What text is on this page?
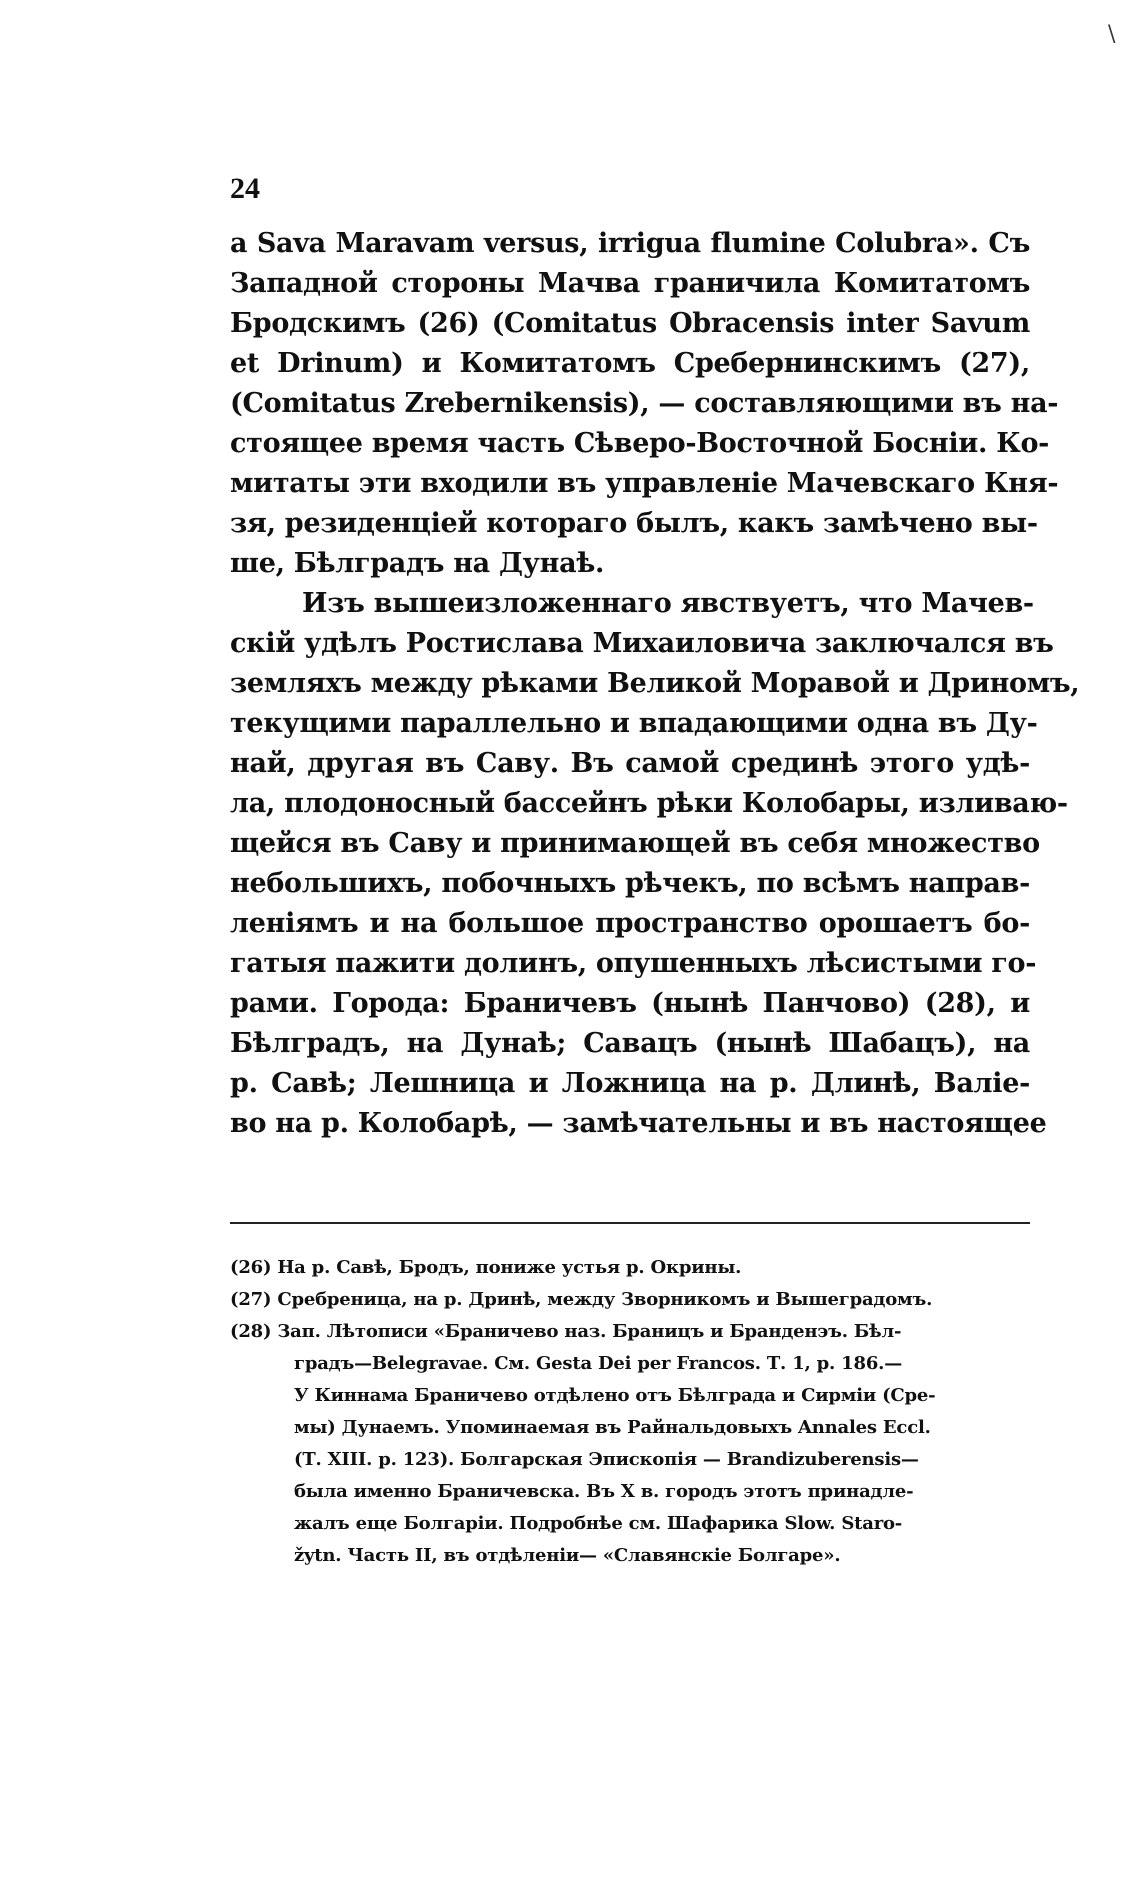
\
24
a Sava Maravam versus, irrigua flumine Colubra». Съ
Западной стороны Мачва граничила Комитатомъ
Бродскимъ (26) (Comitatus Obracensis inter Savum
et Drinum) и Комитатомъ Сребернинскимъ (27),
(Comitatus Zrebernikensis), — составляющими въ на-
стоящее время часть Сѣверо-Восточной Босніи. Ко-
митаты эти входили въ управленіе Мачевскаго Кня-
зя, резиденціей котораго былъ, какъ замѣчено вы-
ше, Бѣлградъ на Дунаѣ.
Изъ вышеизложеннаго явствуетъ, что Мачев-
скій удѣлъ Ростислава Михаиловича заключался въ
земляхъ между рѣками Великой Моравой и Дриномъ,
текущими параллельно и впадающими одна въ Ду-
най, другая въ Саву. Въ самой срединѣ этого удѣ-
ла, плодоносный бассейнъ рѣки Колобары, изливаю-
щейся въ Саву и принимающей въ себя множество
небольшихъ, побочныхъ рѣчекъ, по всѣмъ направ-
леніямъ и на большое пространство орошаетъ бо-
гатыя пажити долинъ, опушенныхъ лѣсистыми го-
рами. Города: Браничевъ (нынѣ Панчово) (28), и
Бѣлградъ, на Дунаѣ; Савацъ (нынѣ Шабацъ), на
р. Савѣ; Лешница и Ложница на р. Длинѣ, Валіе-
во на р. Колобарѣ, — замѣчательны и въ настоящее
(26) На р. Савѣ, Бродъ, пониже устья р. Окрины.
(27) Сребреница, на р. Дринѣ, между Зворникомъ и Вышеградомъ.
(28) Зап. Лѣтописи «Браничево наз. Браницъ и Бранденэъ. Бѣл-
градъ—Belegravae. См. Gesta Dei per Francos. Т. 1, р. 186.—
У Киннама Браничево отдѣлено отъ Бѣлграда и Сирміи (Сре-
мы) Дунаемъ. Упоминаемая въ Райнальдовыхъ Annales Eccl.
(Т. XIII. р. 123). Болгарская Эпископія — Brandizuberensis—
была именно Браничевска. Въ X в. городъ этотъ принадле-
жалъ еще Болгаріи. Подробнѣе см. Шафарика Slow. Staro-
žytn. Часть II, въ отдѣленіи— «Славянскіе Болгаре».
